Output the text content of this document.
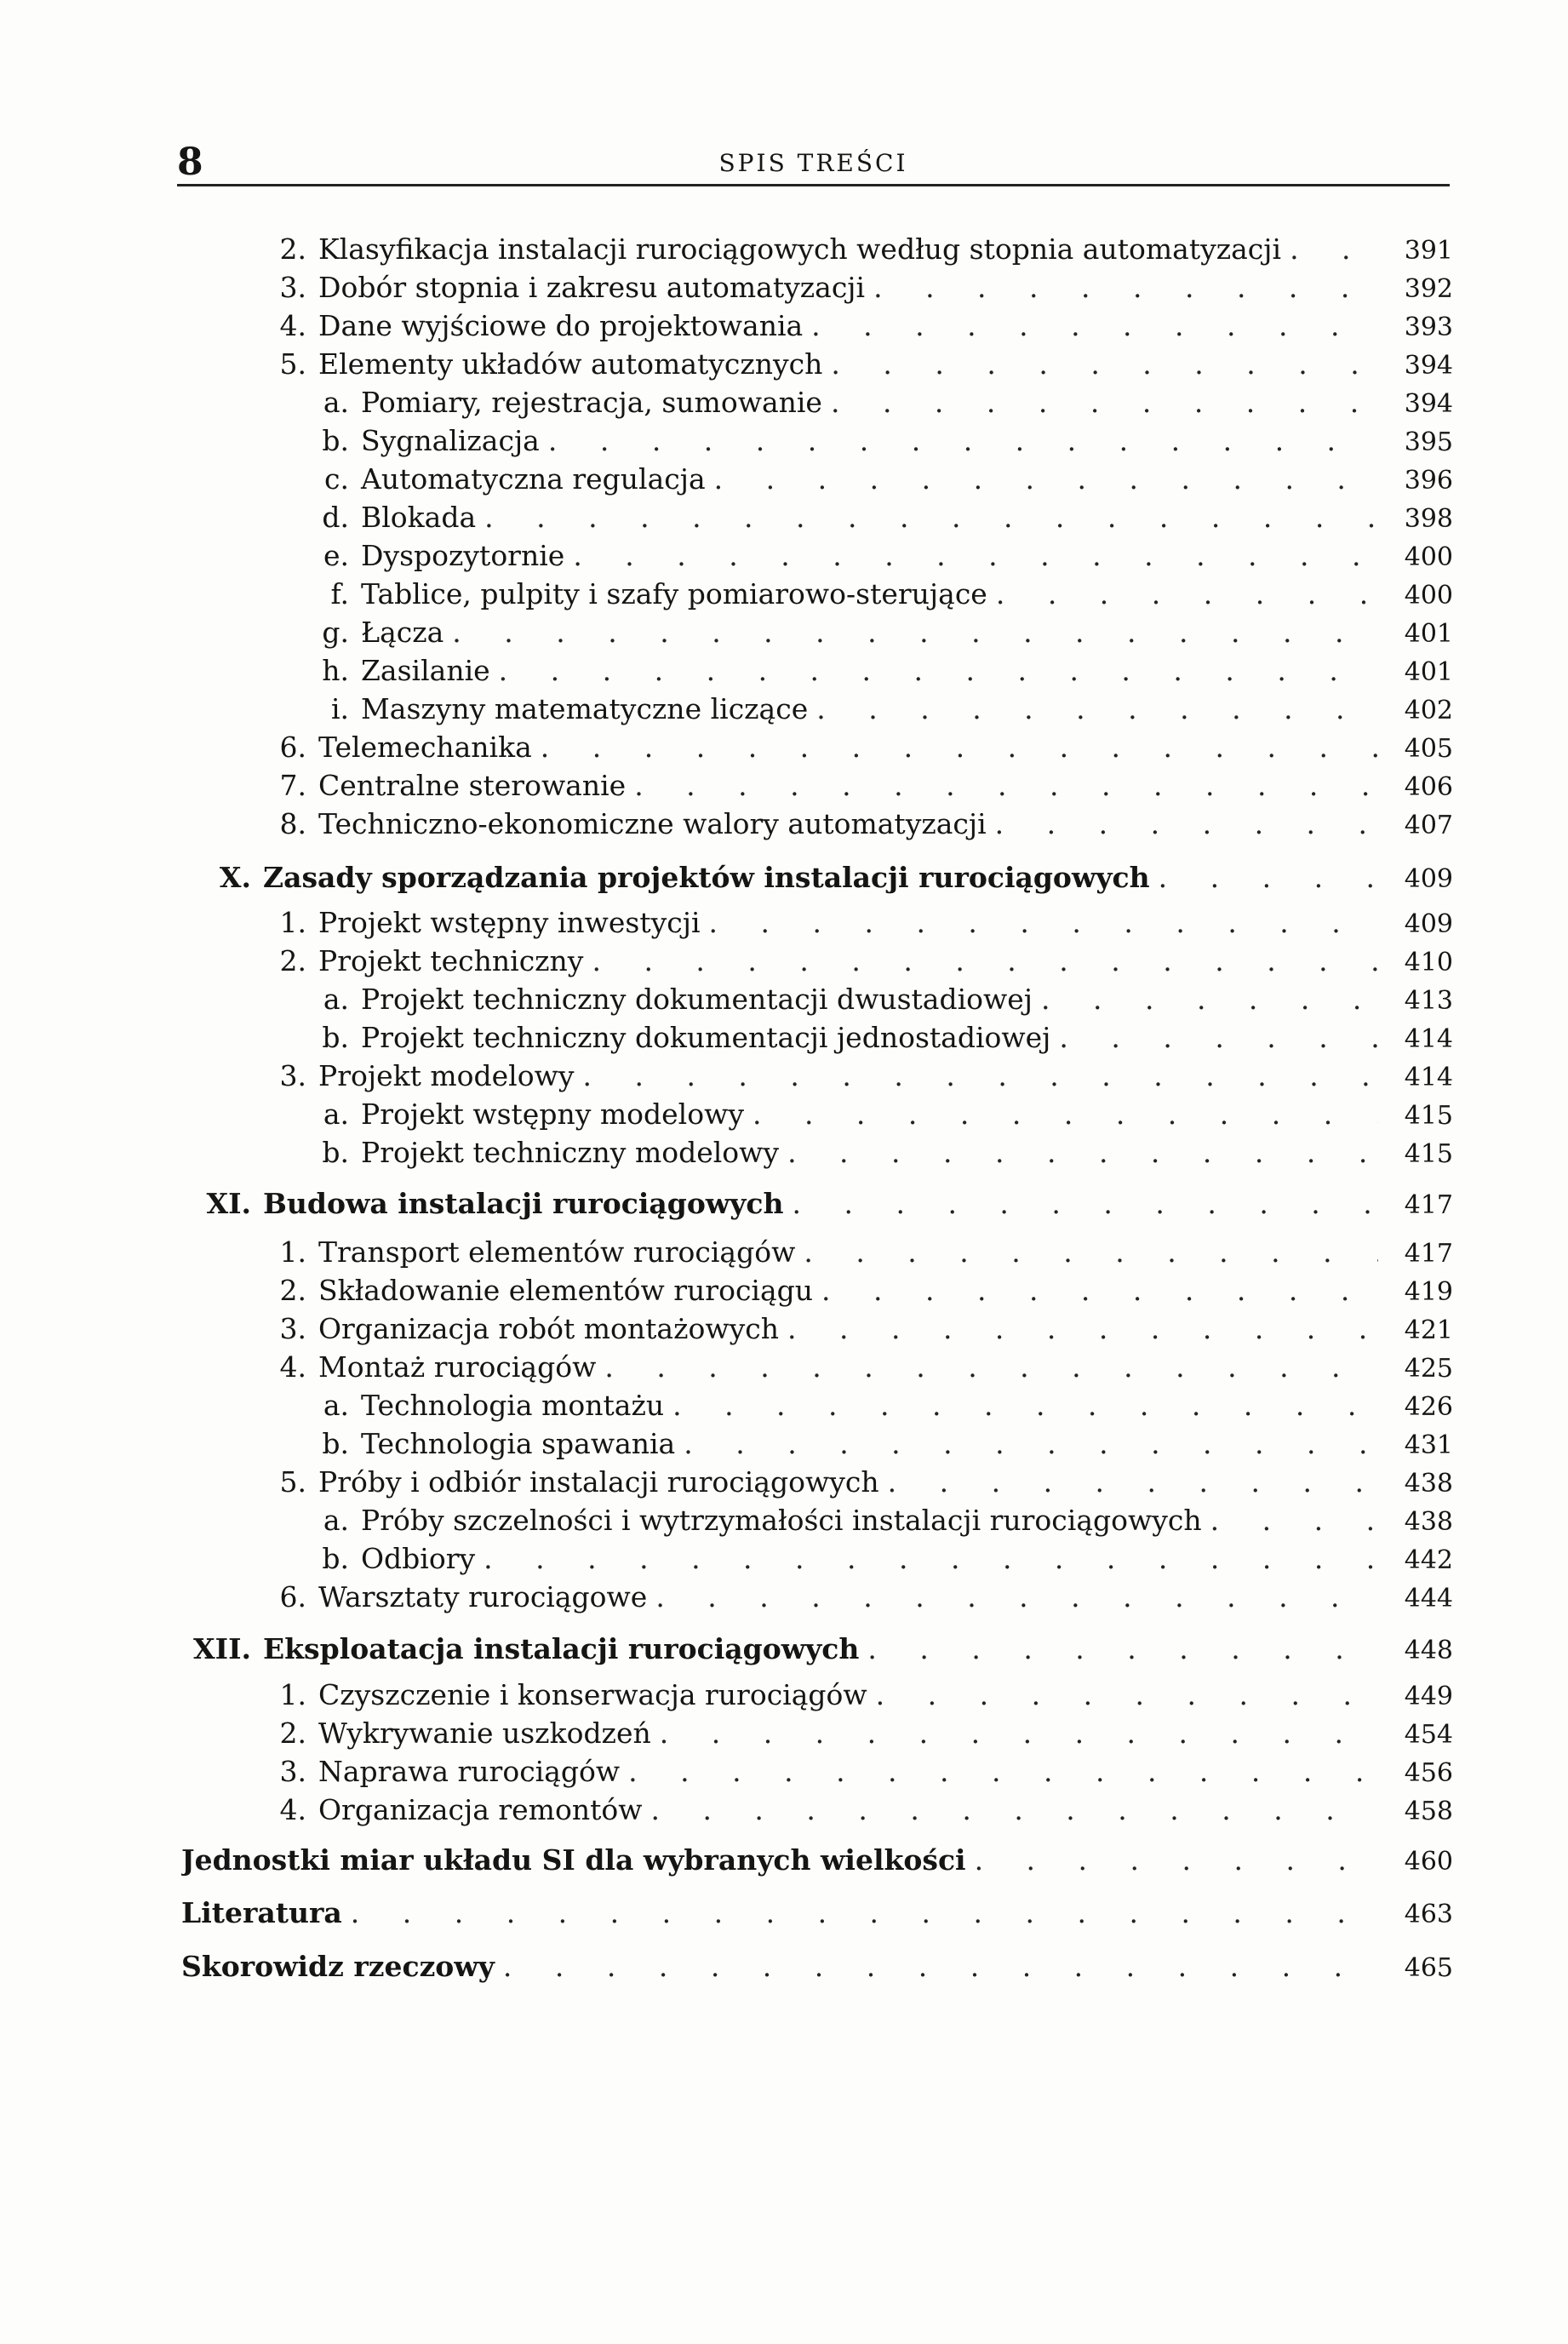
8	SPIS TREŚCI
2. Klasyfikacja instalacji rurociągowych według stopnia automatyzacji . . .	391
3. Dobór stopnia i zakresu automatyzacji . . .	392
4. Dane wyjściowe do projektowania . . .	393
5. Elementy układów automatycznych . . .	394
a. Pomiary, rejestracja, sumowanie . . .	394
b. Sygnalizacja . . .	395
c. Automatyczna regulacja . . .	396
d. Blokada . . .	398
e. Dyspozytornie . . .	400
f. Tablice, pulpity i szafy pomiarowo-sterujące . . .	400
g. Łącza . . .	401
h. Zasilanie . . .	401
i. Maszyny matematyczne liczące . . .	402
6. Telemechanika . . .	405
7. Centralne sterowanie . . .	406
8. Techniczno-ekonomiczne walory automatyzacji . . .	407
X. Zasady sporządzania projektów instalacji rurociągowych . . .	409
1. Projekt wstępny inwestycji . . .	409
2. Projekt techniczny . . .	410
a. Projekt techniczny dokumentacji dwustadiowej . . .	413
b. Projekt techniczny dokumentacji jednostadiowej . . .	414
3. Projekt modelowy . . .	414
a. Projekt wstępny modelowy . . .	415
b. Projekt techniczny modelowy . . .	415
XI. Budowa instalacji rurociągowych . . .	417
1. Transport elementów rurociągów . . .	417
2. Składowanie elementów rurociągu . . .	419
3. Organizacja robót montażowych . . .	421
4. Montaż rurociągów . . .	425
a. Technologia montażu . . .	426
b. Technologia spawania . . .	431
5. Próby i odbiór instalacji rurociągowych . . .	438
a. Próby szczelności i wytrzymałości instalacji rurociągowych . . .	438
b. Odbiory . . .	442
6. Warsztaty rurociągowe . . .	444
XII. Eksploatacja instalacji rurociągowych . . .	448
1. Czyszczenie i konserwacja rurociągów . . .	449
2. Wykrywanie uszkodzeń . . .	454
3. Naprawa rurociągów . . .	456
4. Organizacja remontów . . .	458
Jednostki miar układu SI dla wybranych wielkości . . .	460
Literatura . . .	463
Skorowidz rzeczowy . . .	465
